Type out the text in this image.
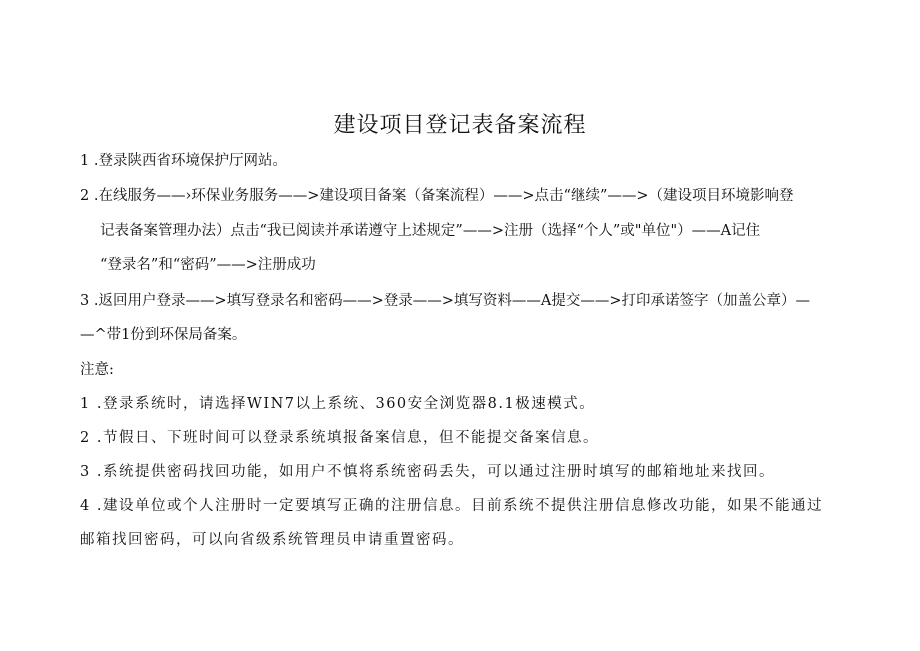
建设项目登记表备案流程
1 .登录陕西省环境保护厅网站。
2 .在线服务——›环保业务服务——>建设项目备案（备案流程）——>点击“继续”——>（建设项目环境影响登
记表备案管理办法）点击“我已阅读并承诺遵守上述规定”——>注册（选择“个人”或"单位"）——A记住
“登录名”和“密码”——>注册成功
3 .返回用户登录——>填写登录名和密码——>登录——>填写资料——A提交——>打印承诺签字（加盖公章）—
—^带1份到环保局备案。
注意:
1 .登录系统时，请选择WIN7以上系统、360安全浏览器8.1极速模式。
2 .节假日、下班时间可以登录系统填报备案信息，但不能提交备案信息。
3 .系统提供密码找回功能，如用户不慎将系统密码丢失，可以通过注册时填写的邮箱地址来找回。
4 .建设单位或个人注册时一定要填写正确的注册信息。目前系统不提供注册信息修改功能，如果不能通过
邮箱找回密码，可以向省级系统管理员申请重置密码。
